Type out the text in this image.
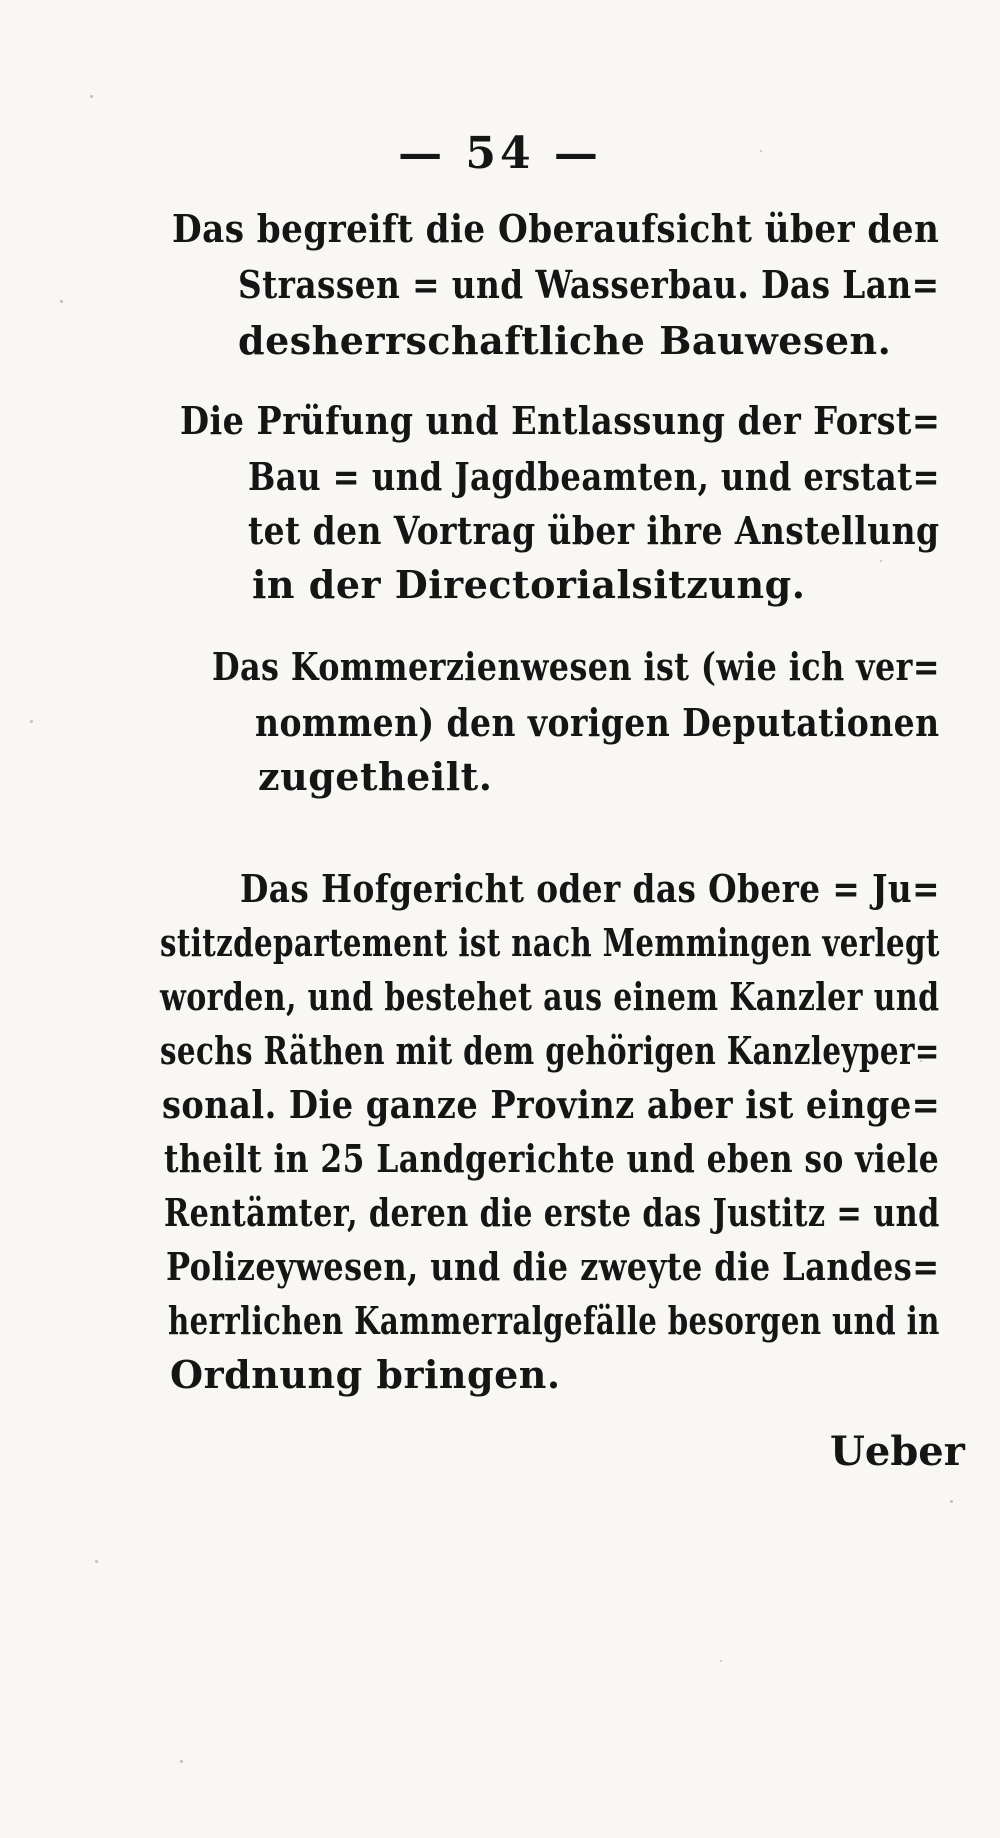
— 54 —
Das begreift die Oberaufsicht über den
Strassen = und Wasserbau. Das Lan=
desherrschaftliche Bauwesen.
Die Prüfung und Entlassung der Forst=
Bau = und Jagdbeamten, und erstat=
tet den Vortrag über ihre Anstellung
in der Directorialsitzung.
Das Kommerzienwesen ist (wie ich ver=
nommen) den vorigen Deputationen
zugetheilt.
Das Hofgericht oder das Obere = Ju=
stitzdepartement ist nach Memmingen verlegt
worden, und bestehet aus einem Kanzler und
sechs Räthen mit dem gehörigen Kanzleyper=
sonal. Die ganze Provinz aber ist einge=
theilt in 25 Landgerichte und eben so viele
Rentämter, deren die erste das Justitz = und
Polizeywesen, und die zweyte die Landes=
herrlichen Kammerralgefälle besorgen und in
Ordnung bringen.
Ueber
